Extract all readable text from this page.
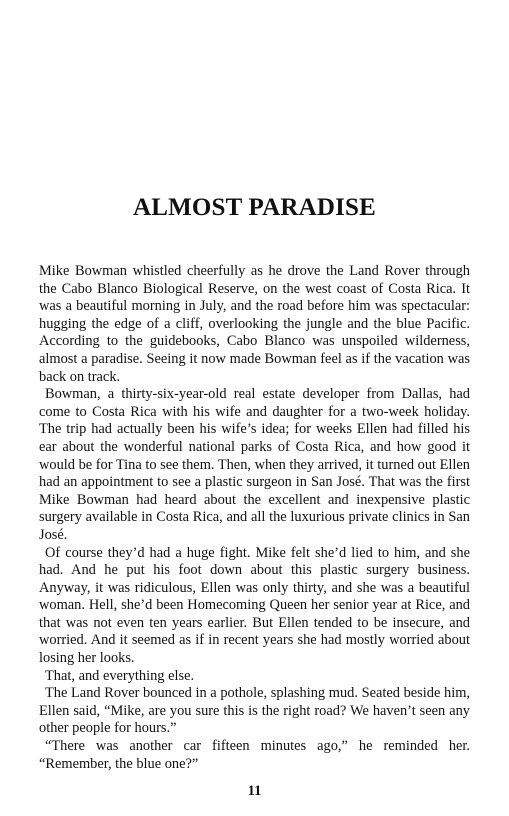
ALMOST PARADISE

Mike Bowman whistled cheerfully as he drove the Land Rover through the Cabo Blanco Biological Reserve, on the west coast of Costa Rica. It was a beautiful morning in July, and the road before him was spectacular: hugging the edge of a cliff, overlooking the jungle and the blue Pacific. According to the guidebooks, Cabo Blanco was unspoiled wilderness, almost a paradise. Seeing it now made Bowman feel as if the vacation was back on track.

Bowman, a thirty-six-year-old real estate developer from Dallas, had come to Costa Rica with his wife and daughter for a two-week holiday. The trip had actually been his wife’s idea; for weeks Ellen had filled his ear about the wonderful national parks of Costa Rica, and how good it would be for Tina to see them. Then, when they arrived, it turned out Ellen had an appointment to see a plastic surgeon in San José. That was the first Mike Bowman had heard about the excellent and inexpensive plastic surgery available in Costa Rica, and all the luxurious private clinics in San José.

Of course they’d had a huge fight. Mike felt she’d lied to him, and she had. And he put his foot down about this plastic surgery business. Anyway, it was ridiculous, Ellen was only thirty, and she was a beautiful woman. Hell, she’d been Homecoming Queen her senior year at Rice, and that was not even ten years earlier. But Ellen tended to be insecure, and worried. And it seemed as if in recent years she had mostly worried about losing her looks.

That, and everything else.

The Land Rover bounced in a pothole, splashing mud. Seated beside him, Ellen said, “Mike, are you sure this is the right road? We haven’t seen any other people for hours.”

“There was another car fifteen minutes ago,” he reminded her. “Remember, the blue one?”

11
